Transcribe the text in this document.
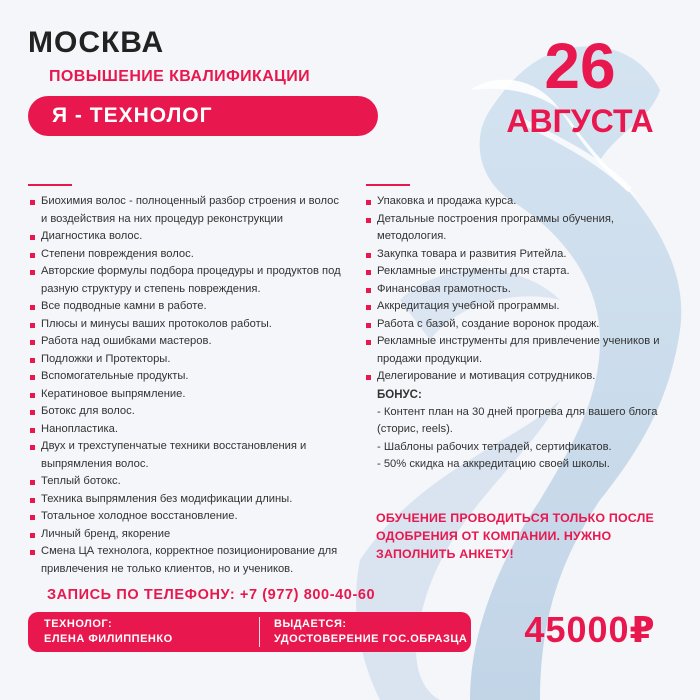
МОСКВА
ПОВЫШЕНИЕ КВАЛИФИКАЦИИ
Я - ТЕХНОЛОГ
26
АВГУСТА
Биохимия волос - полноценный разбор строения и волос и воздействия на них процедур реконструкции
Диагностика волос.
Степени повреждения волос.
Авторские формулы подбора процедуры и продуктов под разную структуру и степень повреждения.
Все подводные камни в работе.
Плюсы и минусы ваших протоколов работы.
Работа над ошибками мастеров.
Подложки и Протекторы.
Вспомогательные продукты.
Кератиновое выпрямление.
Ботокс для волос.
Нанопластика.
Двух и трехступенчатые техники восстановления и выпрямления волос.
Теплый ботокс.
Техника выпрямления без модификации длины.
Тотальное холодное восстановление.
Личный бренд, якорение
Смена ЦА технолога, корректное позиционирование для привлечения не только клиентов, но и учеников.
Упаковка и продажа курса.
Детальные построения программы обучения, методология.
Закупка товара и развития Ритейла.
Рекламные инструменты для старта.
Финансовая грамотность.
Аккредитация учебной программы.
Работа с базой, создание воронок продаж.
Рекламные инструменты для привлечение учеников и продажи продукции.
Делегирование и мотивация сотрудников.
БОНУС:
- Контент план на 30 дней прогрева для вашего блога (сторис, reels).
- Шаблоны рабочих тетрадей, сертификатов.
- 50% скидка на аккредитацию своей школы.
ОБУЧЕНИЕ ПРОВОДИТЬСЯ ТОЛЬКО ПОСЛЕ ОДОБРЕНИЯ ОТ КОМПАНИИ. НУЖНО ЗАПОЛНИТЬ АНКЕТУ!
ЗАПИСЬ ПО ТЕЛЕФОНУ: +7 (977) 800-40-60
ТЕХНОЛОГ:
ЕЛЕНА ФИЛИППЕНКО
ВЫДАЕТСЯ:
УДОСТОВЕРЕНИЕ ГОС.ОБРАЗЦА	45000₽
